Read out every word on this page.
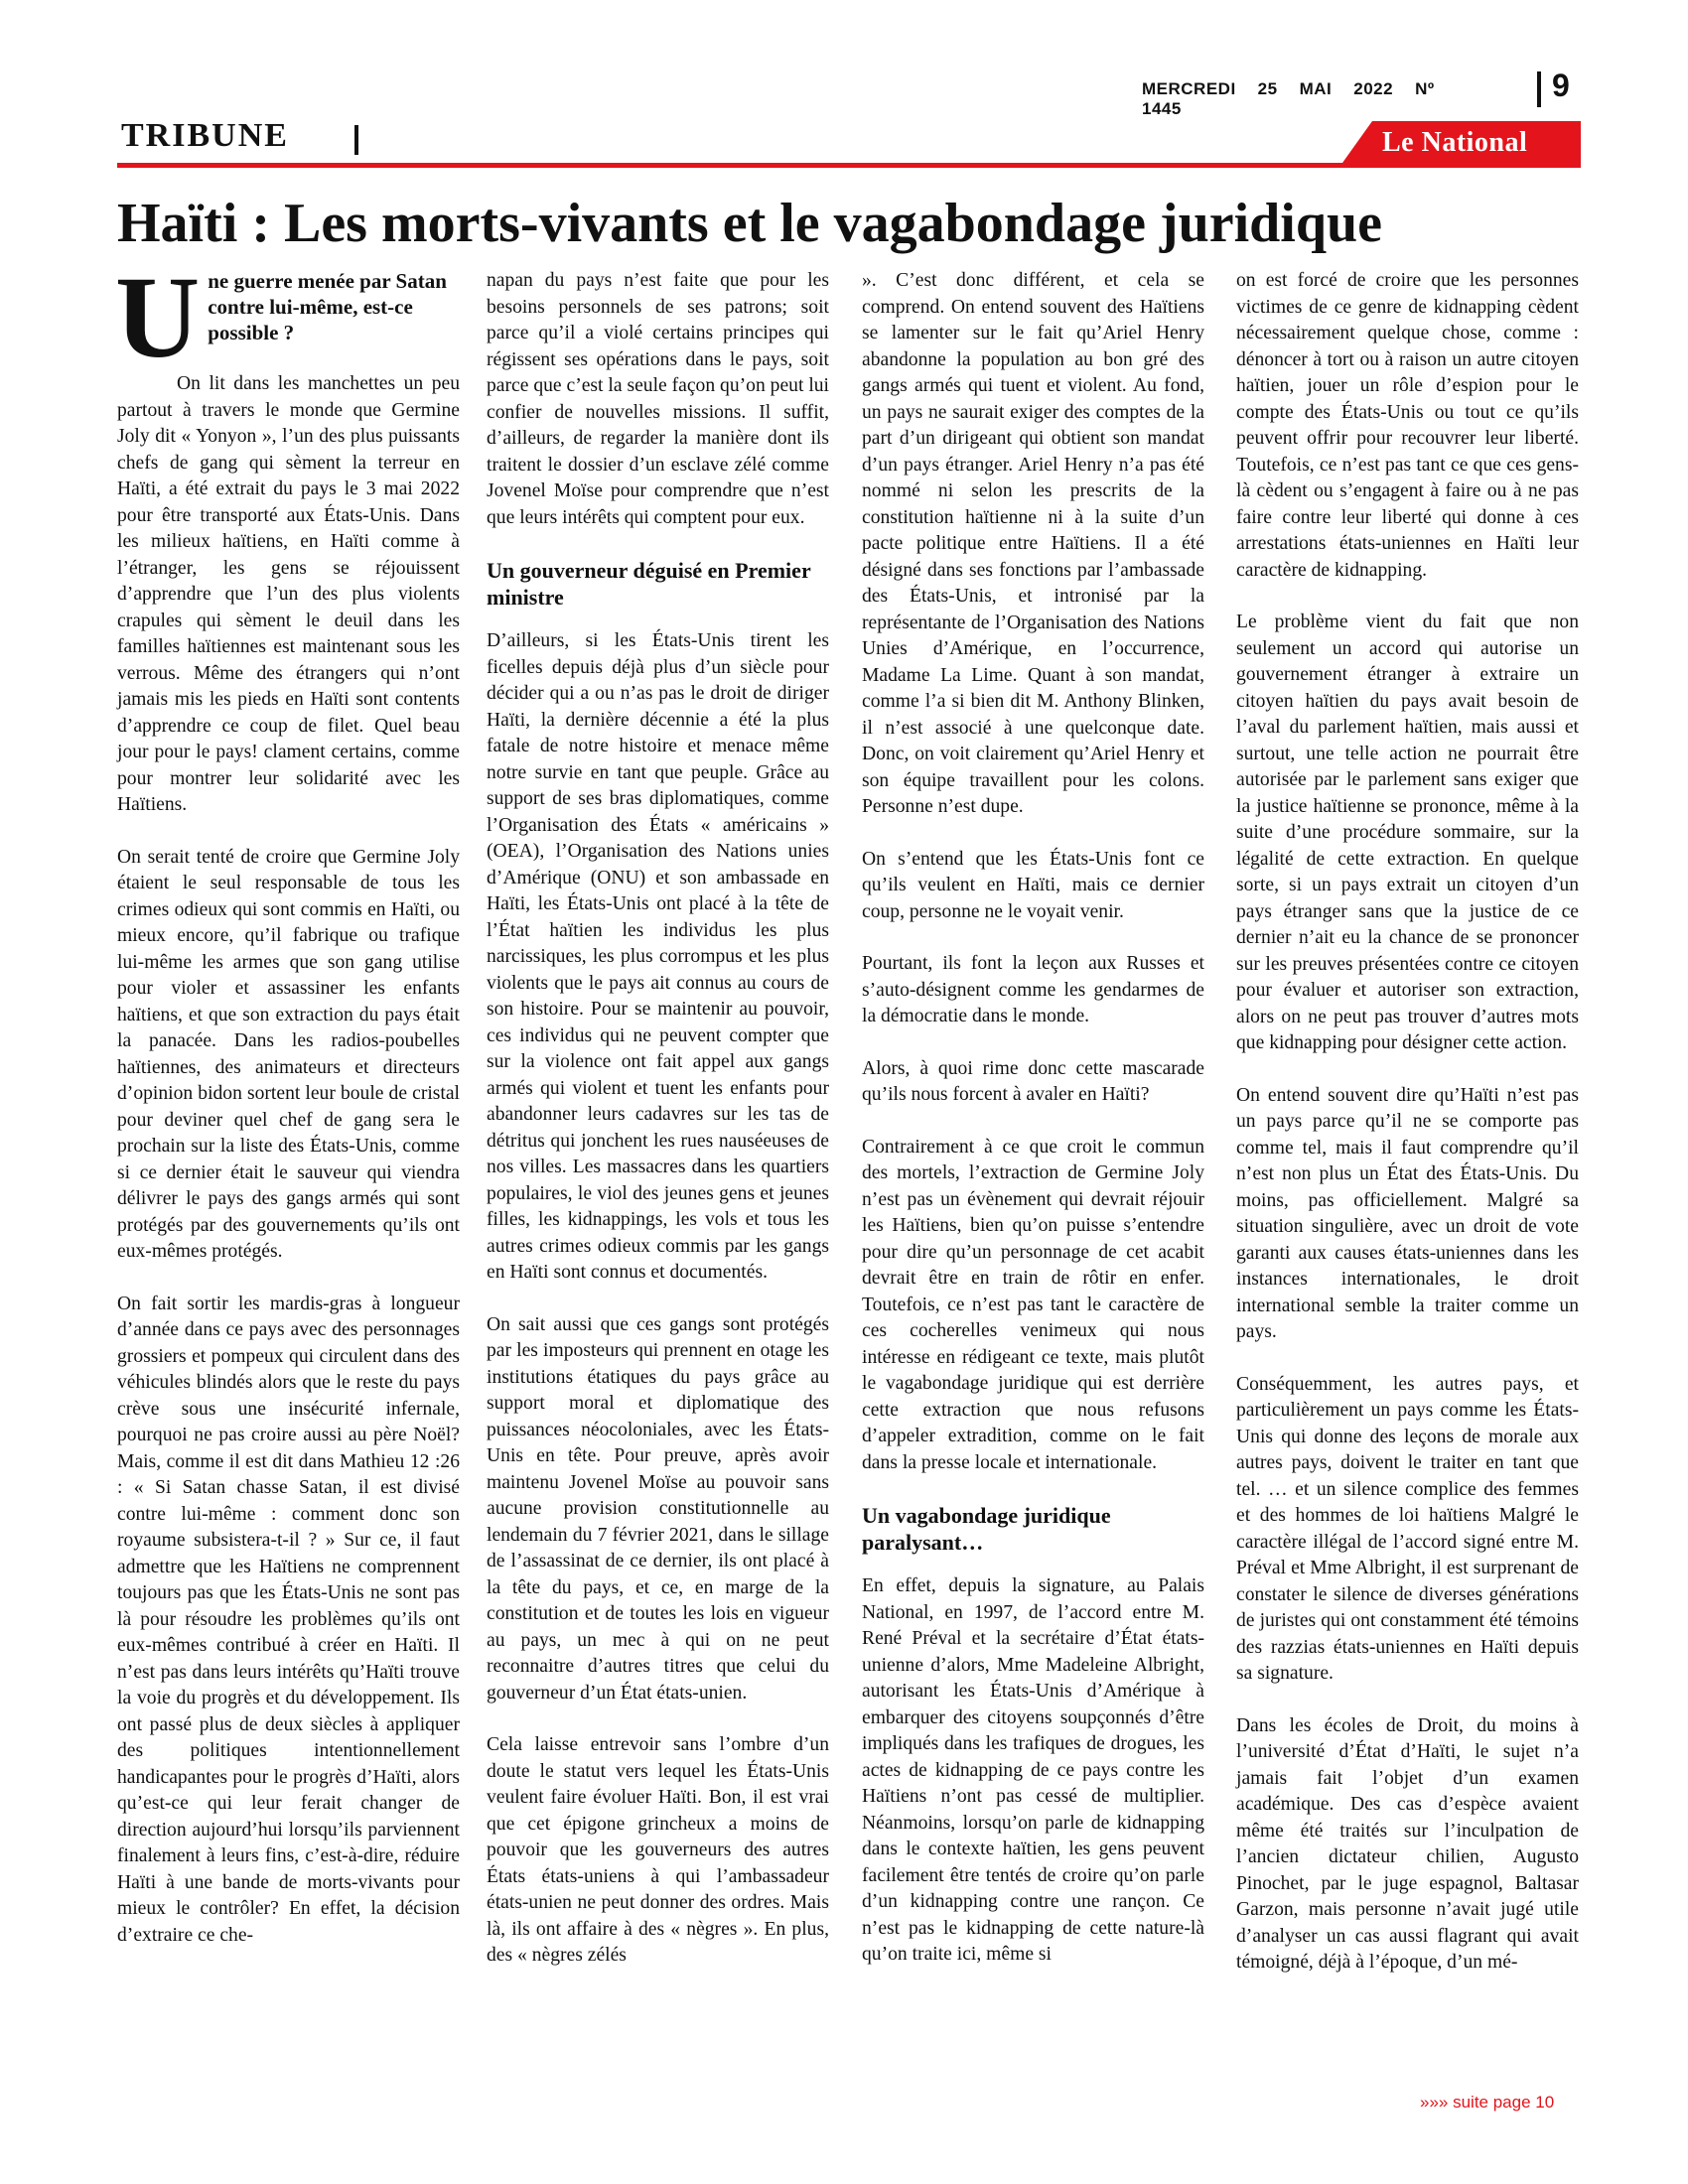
MERCREDI 25 MAI 2022 Nº 1445
9
TRIBUNE	Le National
Haïti : Les morts-vivants et le vagabondage juridique
U ne guerre menée par Satan contre lui-même, est-ce possible ?

On lit dans les manchettes un peu partout à travers le monde que Germine Joly dit « Yonyon », l’un des plus puissants chefs de gang qui sèment la terreur en Haïti, a été extrait du pays le 3 mai 2022 pour être transporté aux États-Unis. Dans les milieux haïtiens, en Haïti comme à l’étranger, les gens se réjouissent d’apprendre que l’un des plus violents crapules qui sèment le deuil dans les familles haïtiennes est maintenant sous les verrous. Même des étrangers qui n’ont jamais mis les pieds en Haïti sont contents d’apprendre ce coup de filet. Quel beau jour pour le pays! clament certains, comme pour montrer leur solidarité avec les Haïtiens.

On serait tenté de croire que Germine Joly étaient le seul responsable de tous les crimes odieux qui sont commis en Haïti, ou mieux encore, qu’il fabrique ou trafique lui-même les armes que son gang utilise pour violer et assassiner les enfants haïtiens, et que son extraction du pays était la panacée. Dans les radios-poubelles haïtiennes, des animateurs et directeurs d’opinion bidon sortent leur boule de cristal pour deviner quel chef de gang sera le prochain sur la liste des États-Unis, comme si ce dernier était le sauveur qui viendra délivrer le pays des gangs armés qui sont protégés par des gouvernements qu’ils ont eux-mêmes protégés.

On fait sortir les mardis-gras à longueur d’année dans ce pays avec des personnages grossiers et pompeux qui circulent dans des véhicules blindés alors que le reste du pays crève sous une insécurité infernale, pourquoi ne pas croire aussi au père Noël? Mais, comme il est dit dans Mathieu 12 :26 : « Si Satan chasse Satan, il est divisé contre lui-même : comment donc son royaume subsistera-t-il ? » Sur ce, il faut admettre que les Haïtiens ne comprennent toujours pas que les États-Unis ne sont pas là pour résoudre les problèmes qu’ils ont eux-mêmes contribué à créer en Haïti. Il n’est pas dans leurs intérêts qu’Haïti trouve la voie du progrès et du développement. Ils ont passé plus de deux siècles à appliquer des politiques intentionnellement handicapantes pour le progrès d’Haïti, alors qu’est-ce qui leur ferait changer de direction aujourd’hui lorsqu’ils parviennent finalement à leurs fins, c’est-à-dire, réduire Haïti à une bande de morts-vivants pour mieux le contrôler? En effet, la décision d’extraire ce che-

napan du pays n’est faite que pour les besoins personnels de ses patrons; soit parce qu’il a violé certains principes qui régissent ses opérations dans le pays, soit parce que c’est la seule façon qu’on peut lui confier de nouvelles missions. Il suffit, d’ailleurs, de regarder la manière dont ils traitent le dossier d’un esclave zélé comme Jovenel Moïse pour comprendre que n’est que leurs intérêts qui comptent pour eux.

Un gouverneur déguisé en Premier ministre

D’ailleurs, si les États-Unis tirent les ficelles depuis déjà plus d’un siècle pour décider qui a ou n’as pas le droit de diriger Haïti, la dernière décennie a été la plus fatale de notre histoire et menace même notre survie en tant que peuple. Grâce au support de ses bras diplomatiques, comme l’Organisation des États « américains » (OEA), l’Organisation des Nations unies d’Amérique (ONU) et son ambassade en Haïti, les États-Unis ont placé à la tête de l’État haïtien les individus les plus narcissiques, les plus corrompus et les plus violents que le pays ait connus au cours de son histoire. Pour se maintenir au pouvoir, ces individus qui ne peuvent compter que sur la violence ont fait appel aux gangs armés qui violent et tuent les enfants pour abandonner leurs cadavres sur les tas de détritus qui jonchent les rues nauséeuses de nos villes. Les massacres dans les quartiers populaires, le viol des jeunes gens et jeunes filles, les kidnappings, les vols et tous les autres crimes odieux commis par les gangs en Haïti sont connus et documentés.

On sait aussi que ces gangs sont protégés par les imposteurs qui prennent en otage les institutions étatiques du pays grâce au support moral et diplomatique des puissances néocoloniales, avec les États-Unis en tête. Pour preuve, après avoir maintenu Jovenel Moïse au pouvoir sans aucune provision constitutionnelle au lendemain du 7 février 2021, dans le sillage de l’assassinat de ce dernier, ils ont placé à la tête du pays, et ce, en marge de la constitution et de toutes les lois en vigueur au pays, un mec à qui on ne peut reconnaitre d’autres titres que celui du gouverneur d’un État états-unien.

Cela laisse entrevoir sans l’ombre d’un doute le statut vers lequel les États-Unis veulent faire évoluer Haïti. Bon, il est vrai que cet épigone grincheux a moins de pouvoir que les gouverneurs des autres États états-uniens à qui l’ambassadeur états-unien ne peut donner des ordres. Mais là, ils ont affaire à des « nègres ». En plus, des « nègres zélés

». C’est donc différent, et cela se comprend. On entend souvent des Haïtiens se lamenter sur le fait qu’Ariel Henry abandonne la population au bon gré des gangs armés qui tuent et violent. Au fond, un pays ne saurait exiger des comptes de la part d’un dirigeant qui obtient son mandat d’un pays étranger. Ariel Henry n’a pas été nommé ni selon les prescrits de la constitution haïtienne ni à la suite d’un pacte politique entre Haïtiens. Il a été désigné dans ses fonctions par l’ambassade des États-Unis, et intronisé par la représentante de l’Organisation des Nations Unies d’Amérique, en l’occurrence, Madame La Lime. Quant à son mandat, comme l’a si bien dit M. Anthony Blinken, il n’est associé à une quelconque date. Donc, on voit clairement qu’Ariel Henry et son équipe travaillent pour les colons. Personne n’est dupe.

On s’entend que les États-Unis font ce qu’ils veulent en Haïti, mais ce dernier coup, personne ne le voyait venir.

Pourtant, ils font la leçon aux Russes et s’auto-désignent comme les gendarmes de la démocratie dans le monde.

Alors, à quoi rime donc cette mascarade qu’ils nous forcent à avaler en Haïti?

Contrairement à ce que croit le commun des mortels, l’extraction de Germine Joly n’est pas un évènement qui devrait réjouir les Haïtiens, bien qu’on puisse s’entendre pour dire qu’un personnage de cet acabit devrait être en train de rôtir en enfer. Toutefois, ce n’est pas tant le caractère de ces cocherelles venimeux qui nous intéresse en rédigeant ce texte, mais plutôt le vagabondage juridique qui est derrière cette extraction que nous refusons d’appeler extradition, comme on le fait dans la presse locale et internationale.

Un vagabondage juridique paralysant…

En effet, depuis la signature, au Palais National, en 1997, de l’accord entre M. René Préval et la secrétaire d’État états-unienne d’alors, Mme Madeleine Albright, autorisant les États-Unis d’Amérique à embarquer des citoyens soupçonnés d’être impliqués dans les trafiques de drogues, les actes de kidnapping de ce pays contre les Haïtiens n’ont pas cessé de multiplier. Néanmoins, lorsqu’on parle de kidnapping dans le contexte haïtien, les gens peuvent facilement être tentés de croire qu’on parle d’un kidnapping contre une rançon. Ce n’est pas le kidnapping de cette nature-là qu’on traite ici, même si

on est forcé de croire que les personnes victimes de ce genre de kidnapping cèdent nécessairement quelque chose, comme : dénoncer à tort ou à raison un autre citoyen haïtien, jouer un rôle d’espion pour le compte des États-Unis ou tout ce qu’ils peuvent offrir pour recouvrer leur liberté. Toutefois, ce n’est pas tant ce que ces gens-là cèdent ou s’engagent à faire ou à ne pas faire contre leur liberté qui donne à ces arrestations états-uniennes en Haïti leur caractère de kidnapping.

Le problème vient du fait que non seulement un accord qui autorise un gouvernement étranger à extraire un citoyen haïtien du pays avait besoin de l’aval du parlement haïtien, mais aussi et surtout, une telle action ne pourrait être autorisée par le parlement sans exiger que la justice haïtienne se prononce, même à la suite d’une procédure sommaire, sur la légalité de cette extraction. En quelque sorte, si un pays extrait un citoyen d’un pays étranger sans que la justice de ce dernier n’ait eu la chance de se prononcer sur les preuves présentées contre ce citoyen pour évaluer et autoriser son extraction, alors on ne peut pas trouver d’autres mots que kidnapping pour désigner cette action.

On entend souvent dire qu’Haïti n’est pas un pays parce qu’il ne se comporte pas comme tel, mais il faut comprendre qu’il n’est non plus un État des États-Unis. Du moins, pas officiellement. Malgré sa situation singulière, avec un droit de vote garanti aux causes états-uniennes dans les instances internationales, le droit international semble la traiter comme un pays.

Conséquemment, les autres pays, et particulièrement un pays comme les États-Unis qui donne des leçons de morale aux autres pays, doivent le traiter en tant que tel. … et un silence complice des femmes et des hommes de loi haïtiens Malgré le caractère illégal de l’accord signé entre M. Préval et Mme Albright, il est surprenant de constater le silence de diverses générations de juristes qui ont constamment été témoins des razzias états-uniennes en Haïti depuis sa signature.

Dans les écoles de Droit, du moins à l’université d’État d’Haïti, le sujet n’a jamais fait l’objet d’un examen académique. Des cas d’espèce avaient même été traités sur l’inculpation de l’ancien dictateur chilien, Augusto Pinochet, par le juge espagnol, Baltasar Garzon, mais personne n’avait jugé utile d’analyser un cas aussi flagrant qui avait témoigné, déjà à l’époque, d’un mé-

»»» suite page 10
